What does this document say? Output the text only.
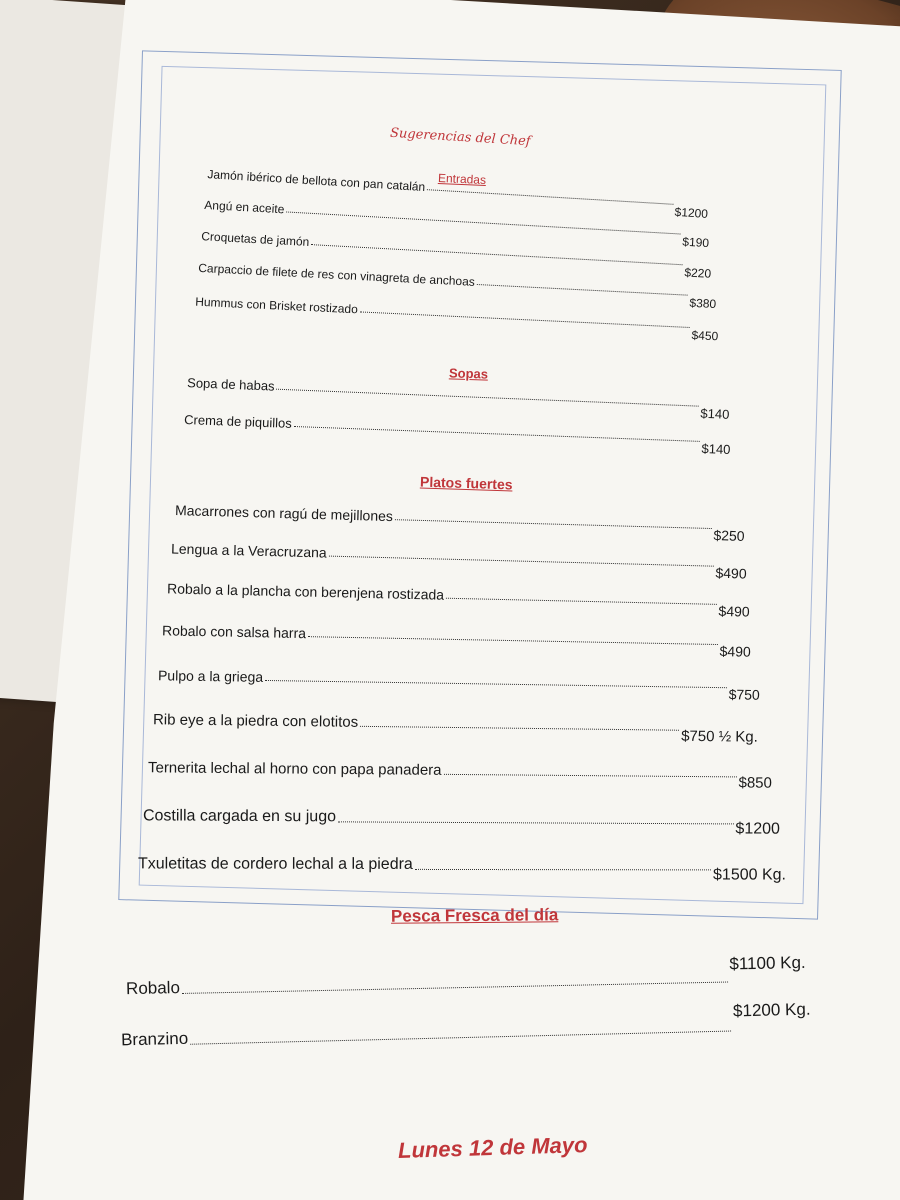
Sugerencias del Chef
Entradas
Jamón ibérico de bellota con pan catalán
$1200
Angú en aceite
$190
Croquetas de jamón
$220
Carpaccio de filete de res con vinagreta de anchoas
$380
Hummus con Brisket rostizado
$450
Sopas
Sopa de habas
$140
Crema de piquillos
$140
Platos fuertes
Macarrones con ragú de mejillones
$250
Lengua a la Veracruzana
$490
Robalo a la plancha con berenjena rostizada
$490
Robalo con salsa harra
$490
Pulpo a la griega
$750
Rib eye a la piedra con elotitos
$750 ½ Kg.
Ternerita lechal al horno con papa panadera
$850
Costilla cargada en su jugo
$1200
Txuletitas de cordero lechal a la piedra
$1500 Kg.
Pesca Fresca del día
Robalo
$1100 Kg.
Branzino
$1200 Kg.
Lunes 12 de Mayo
